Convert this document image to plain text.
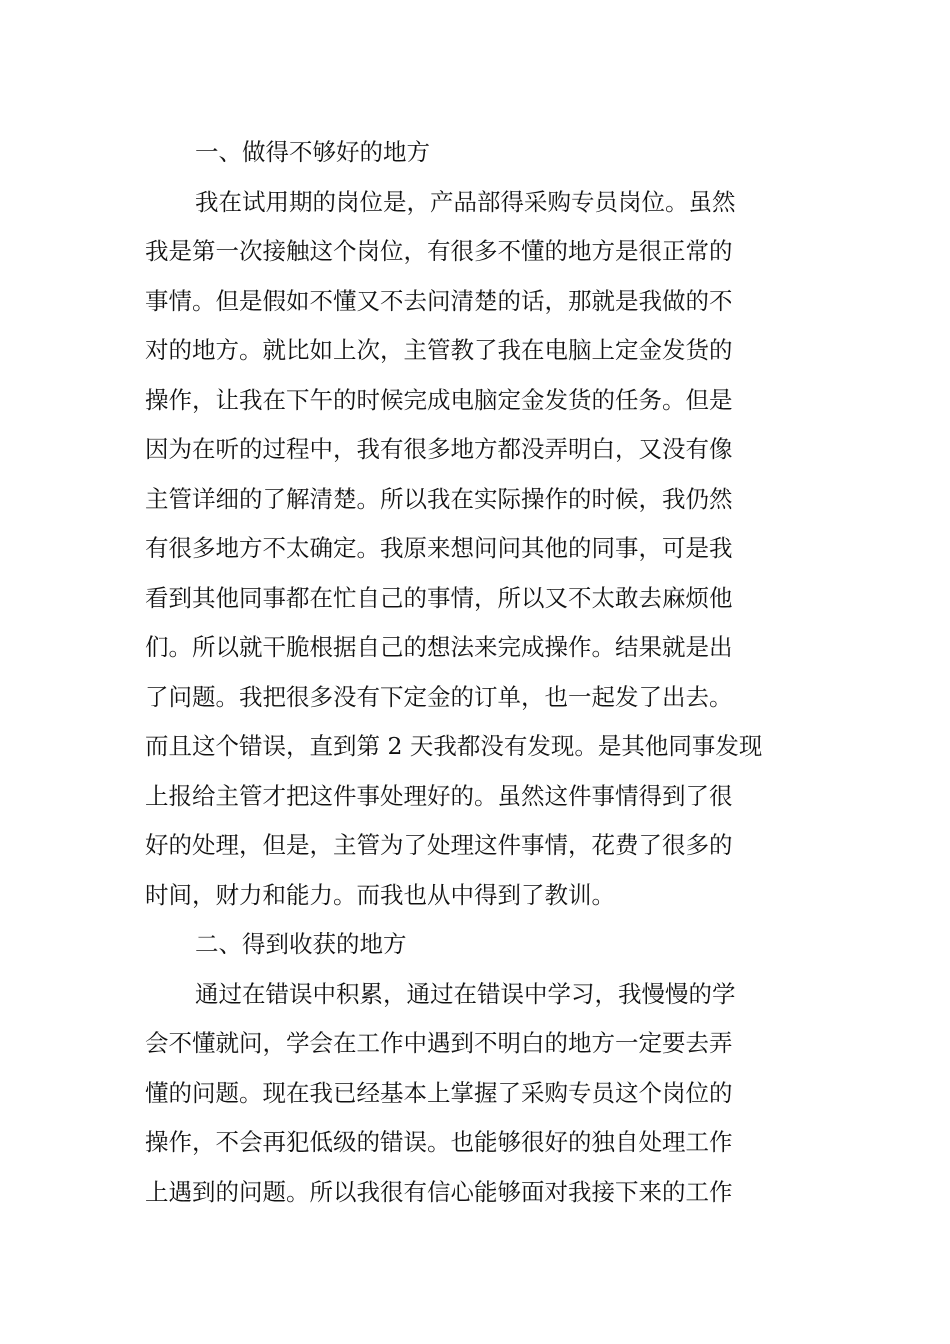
一、做得不够好的地方
我在试用期的岗位是，产品部得采购专员岗位。虽然
我是第一次接触这个岗位，有很多不懂的地方是很正常的
事情。但是假如不懂又不去问清楚的话，那就是我做的不
对的地方。就比如上次，主管教了我在电脑上定金发货的
操作，让我在下午的时候完成电脑定金发货的任务。但是
因为在听的过程中，我有很多地方都没弄明白，又没有像
主管详细的了解清楚。所以我在实际操作的时候，我仍然
有很多地方不太确定。我原来想问问其他的同事，可是我
看到其他同事都在忙自己的事情，所以又不太敢去麻烦他
们。所以就干脆根据自己的想法来完成操作。结果就是出
了问题。我把很多没有下定金的订单，也一起发了出去。
而且这个错误，直到第 2 天我都没有发现。是其他同事发现
上报给主管才把这件事处理好的。虽然这件事情得到了很
好的处理，但是，主管为了处理这件事情，花费了很多的
时间，财力和能力。而我也从中得到了教训。
二、得到收获的地方
通过在错误中积累，通过在错误中学习，我慢慢的学
会不懂就问，学会在工作中遇到不明白的地方一定要去弄
懂的问题。现在我已经基本上掌握了采购专员这个岗位的
操作，不会再犯低级的错误。也能够很好的独自处理工作
上遇到的问题。所以我很有信心能够面对我接下来的工作
